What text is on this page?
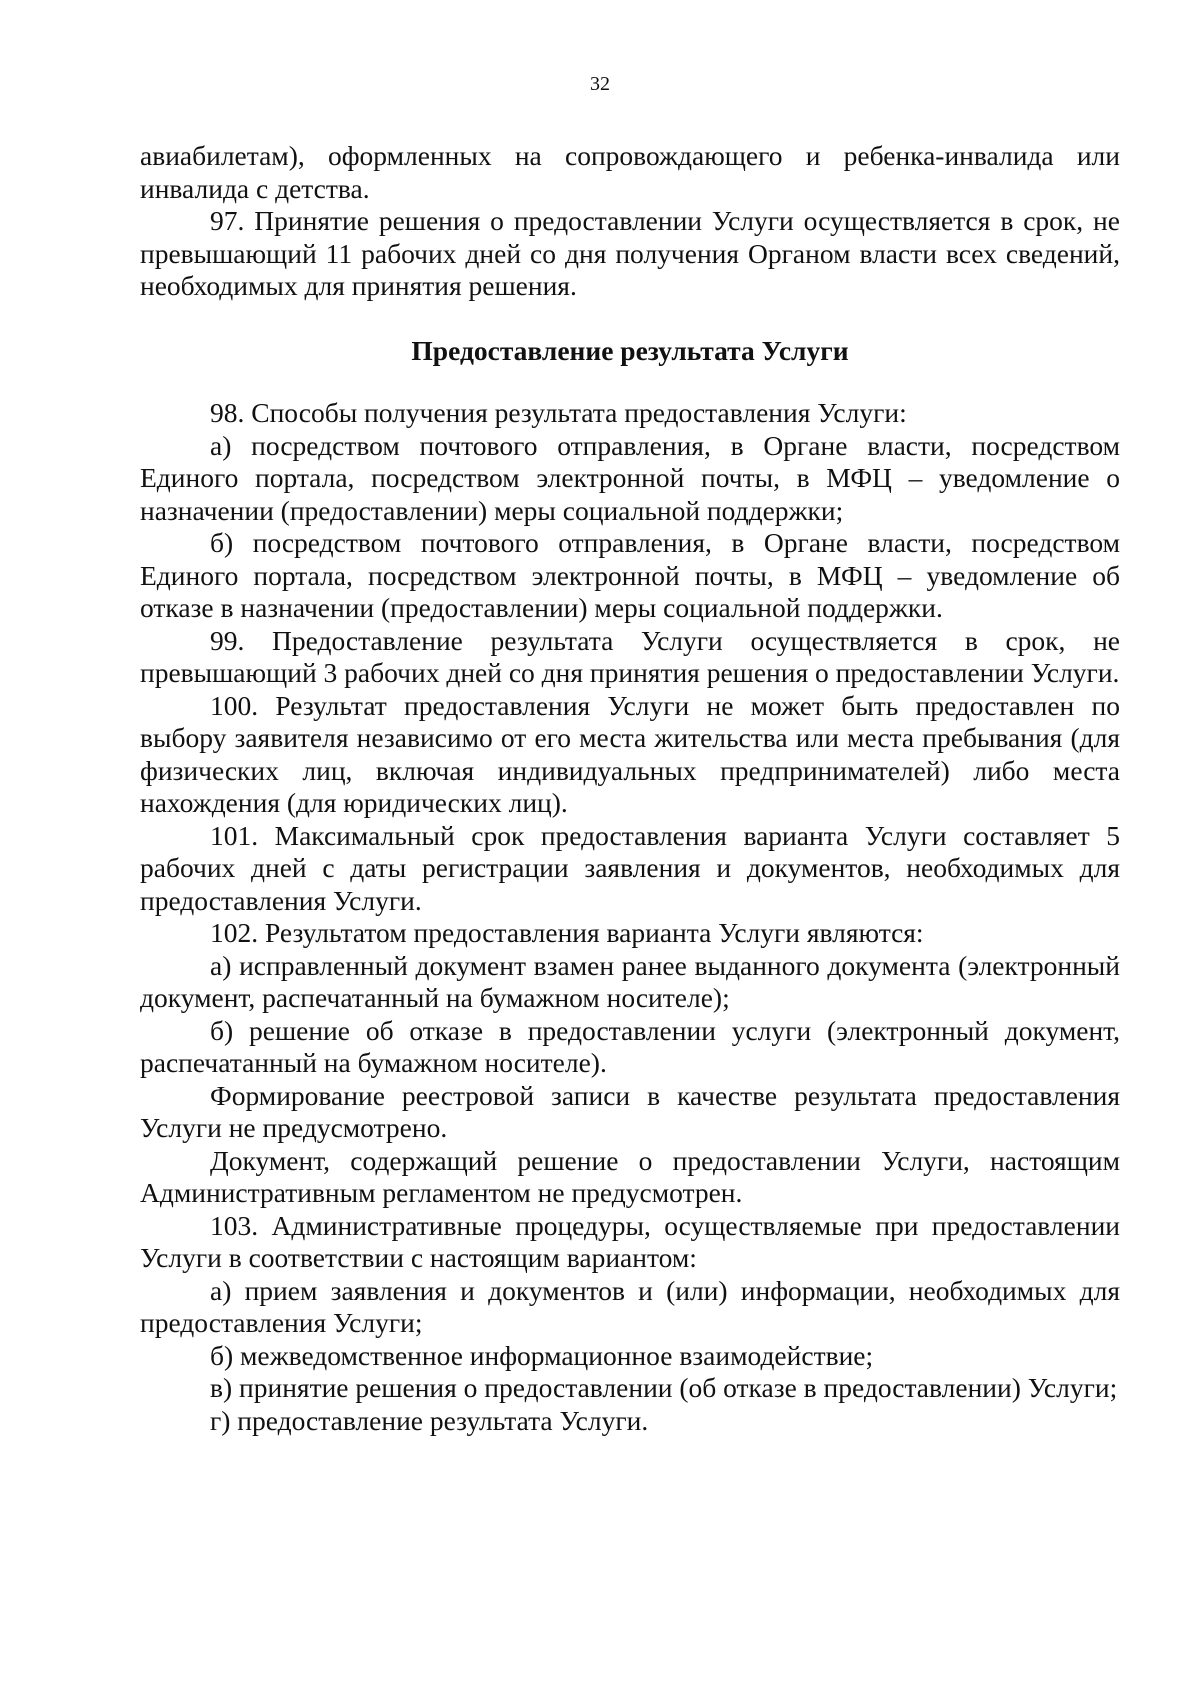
32

авиабилетам), оформленных на сопровождающего и ребенка-инвалида или инвалида с детства.

97. Принятие решения о предоставлении Услуги осуществляется в срок, не превышающий 11 рабочих дней со дня получения Органом власти всех сведений, необходимых для принятия решения.

Предоставление результата Услуги

98. Способы получения результата предоставления Услуги:

а) посредством почтового отправления, в Органе власти, посредством Единого портала, посредством электронной почты, в МФЦ – уведомление о назначении (предоставлении) меры социальной поддержки;

б) посредством почтового отправления, в Органе власти, посредством Единого портала, посредством электронной почты, в МФЦ – уведомление об отказе в назначении (предоставлении) меры социальной поддержки.

99. Предоставление результата Услуги осуществляется в срок, не превышающий 3 рабочих дней со дня принятия решения о предоставлении Услуги.

100. Результат предоставления Услуги не может быть предоставлен по выбору заявителя независимо от его места жительства или места пребывания (для физических лиц, включая индивидуальных предпринимателей) либо места нахождения (для юридических лиц).

101. Максимальный срок предоставления варианта Услуги составляет 5 рабочих дней с даты регистрации заявления и документов, необходимых для предоставления Услуги.

102. Результатом предоставления варианта Услуги являются:

а) исправленный документ взамен ранее выданного документа (электронный документ, распечатанный на бумажном носителе);

б) решение об отказе в предоставлении услуги (электронный документ, распечатанный на бумажном носителе).

Формирование реестровой записи в качестве результата предоставления Услуги не предусмотрено.

Документ, содержащий решение о предоставлении Услуги, настоящим Административным регламентом не предусмотрен.

103. Административные процедуры, осуществляемые при предоставлении Услуги в соответствии с настоящим вариантом:

а) прием заявления и документов и (или) информации, необходимых для предоставления Услуги;

б) межведомственное информационное взаимодействие;

в) принятие решения о предоставлении (об отказе в предоставлении) Услуги;

г) предоставление результата Услуги.
